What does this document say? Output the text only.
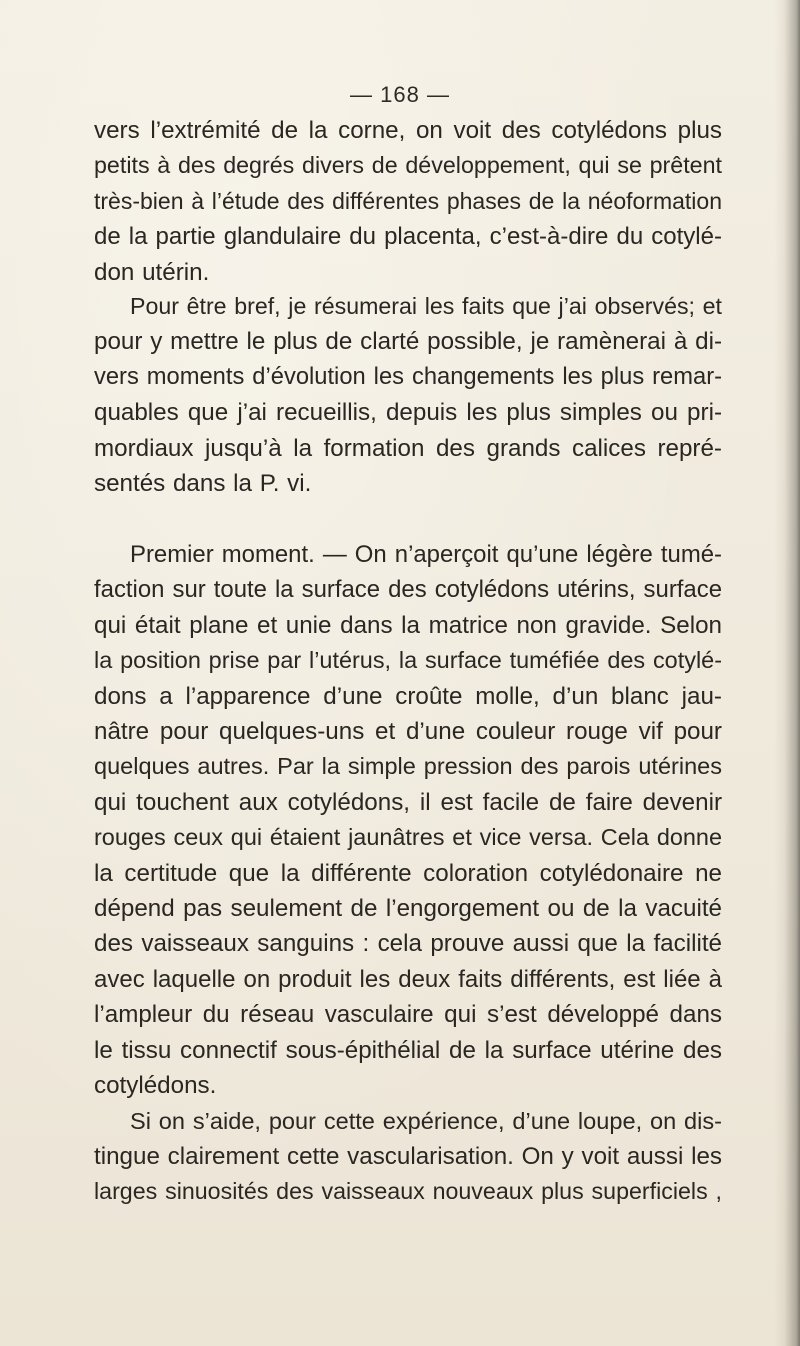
— 168 —
vers l’extrémité de la corne, on voit des cotylédons plus
petits à des degrés divers de développement, qui se prêtent
très-bien à l’étude des différentes phases de la néoformation
de la partie glandulaire du placenta, c’est-à-dire du cotylé-
don utérin.
Pour être bref, je résumerai les faits que j’ai observés; et
pour y mettre le plus de clarté possible, je ramènerai à di-
vers moments d’évolution les changements les plus remar-
quables que j’ai recueillis, depuis les plus simples ou pri-
mordiaux jusqu’à la formation des grands calices repré-
sentés dans la P. vi.
Premier moment. — On n’aperçoit qu’une légère tumé-
faction sur toute la surface des cotylédons utérins, surface
qui était plane et unie dans la matrice non gravide. Selon
la position prise par l’utérus, la surface tuméfiée des cotylé-
dons a l’apparence d’une croûte molle, d’un blanc jau-
nâtre pour quelques-uns et d’une couleur rouge vif pour
quelques autres. Par la simple pression des parois utérines
qui touchent aux cotylédons, il est facile de faire devenir
rouges ceux qui étaient jaunâtres et vice versa. Cela donne
la certitude que la différente coloration cotylédonaire ne
dépend pas seulement de l’engorgement ou de la vacuité
des vaisseaux sanguins : cela prouve aussi que la facilité
avec laquelle on produit les deux faits différents, est liée à
l’ampleur du réseau vasculaire qui s’est développé dans
le tissu connectif sous-épithélial de la surface utérine des
cotylédons.
Si on s’aide, pour cette expérience, d’une loupe, on dis-
tingue clairement cette vascularisation. On y voit aussi les
larges sinuosités des vaisseaux nouveaux plus superficiels ,
